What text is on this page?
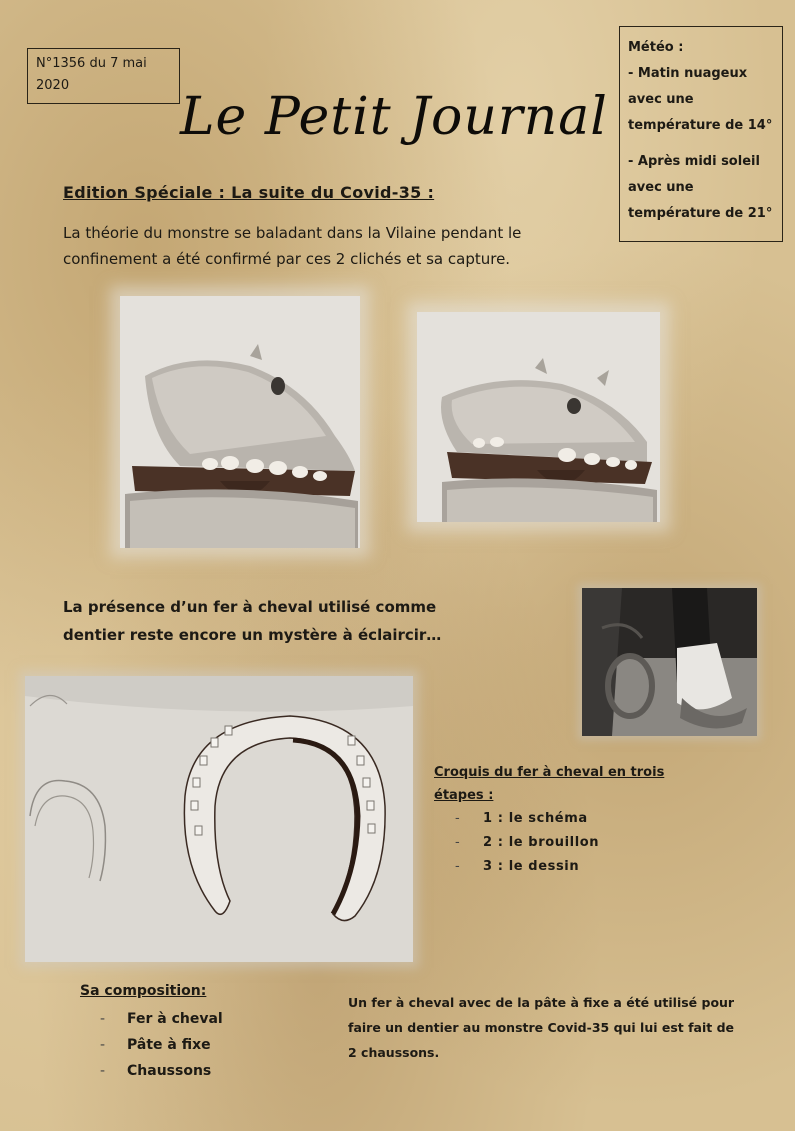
N°1356 du 7 mai 2020
Le Petit Journal

Météo :

- Matin nuageux avec une température de 14°

- Après midi soleil avec une température de 21°

Edition Spéciale : La suite du Covid-35 :
La théorie du monstre se baladant dans la Vilaine pendant le confinement a été confirmé par ces 2 clichés et sa capture.
La présence d’un fer à cheval utilisé comme dentier reste encore un mystère à éclaircir…
Croquis du fer à cheval en trois étapes :
- 1 : le schéma
- 2 : le brouillon
- 3 : le dessin
Sa composition:
- Fer à cheval
- Pâte à fixe
- Chaussons
Un fer à cheval avec de la pâte à fixe a été utilisé pour faire un dentier au monstre Covid-35 qui lui est fait de 2 chaussons.
